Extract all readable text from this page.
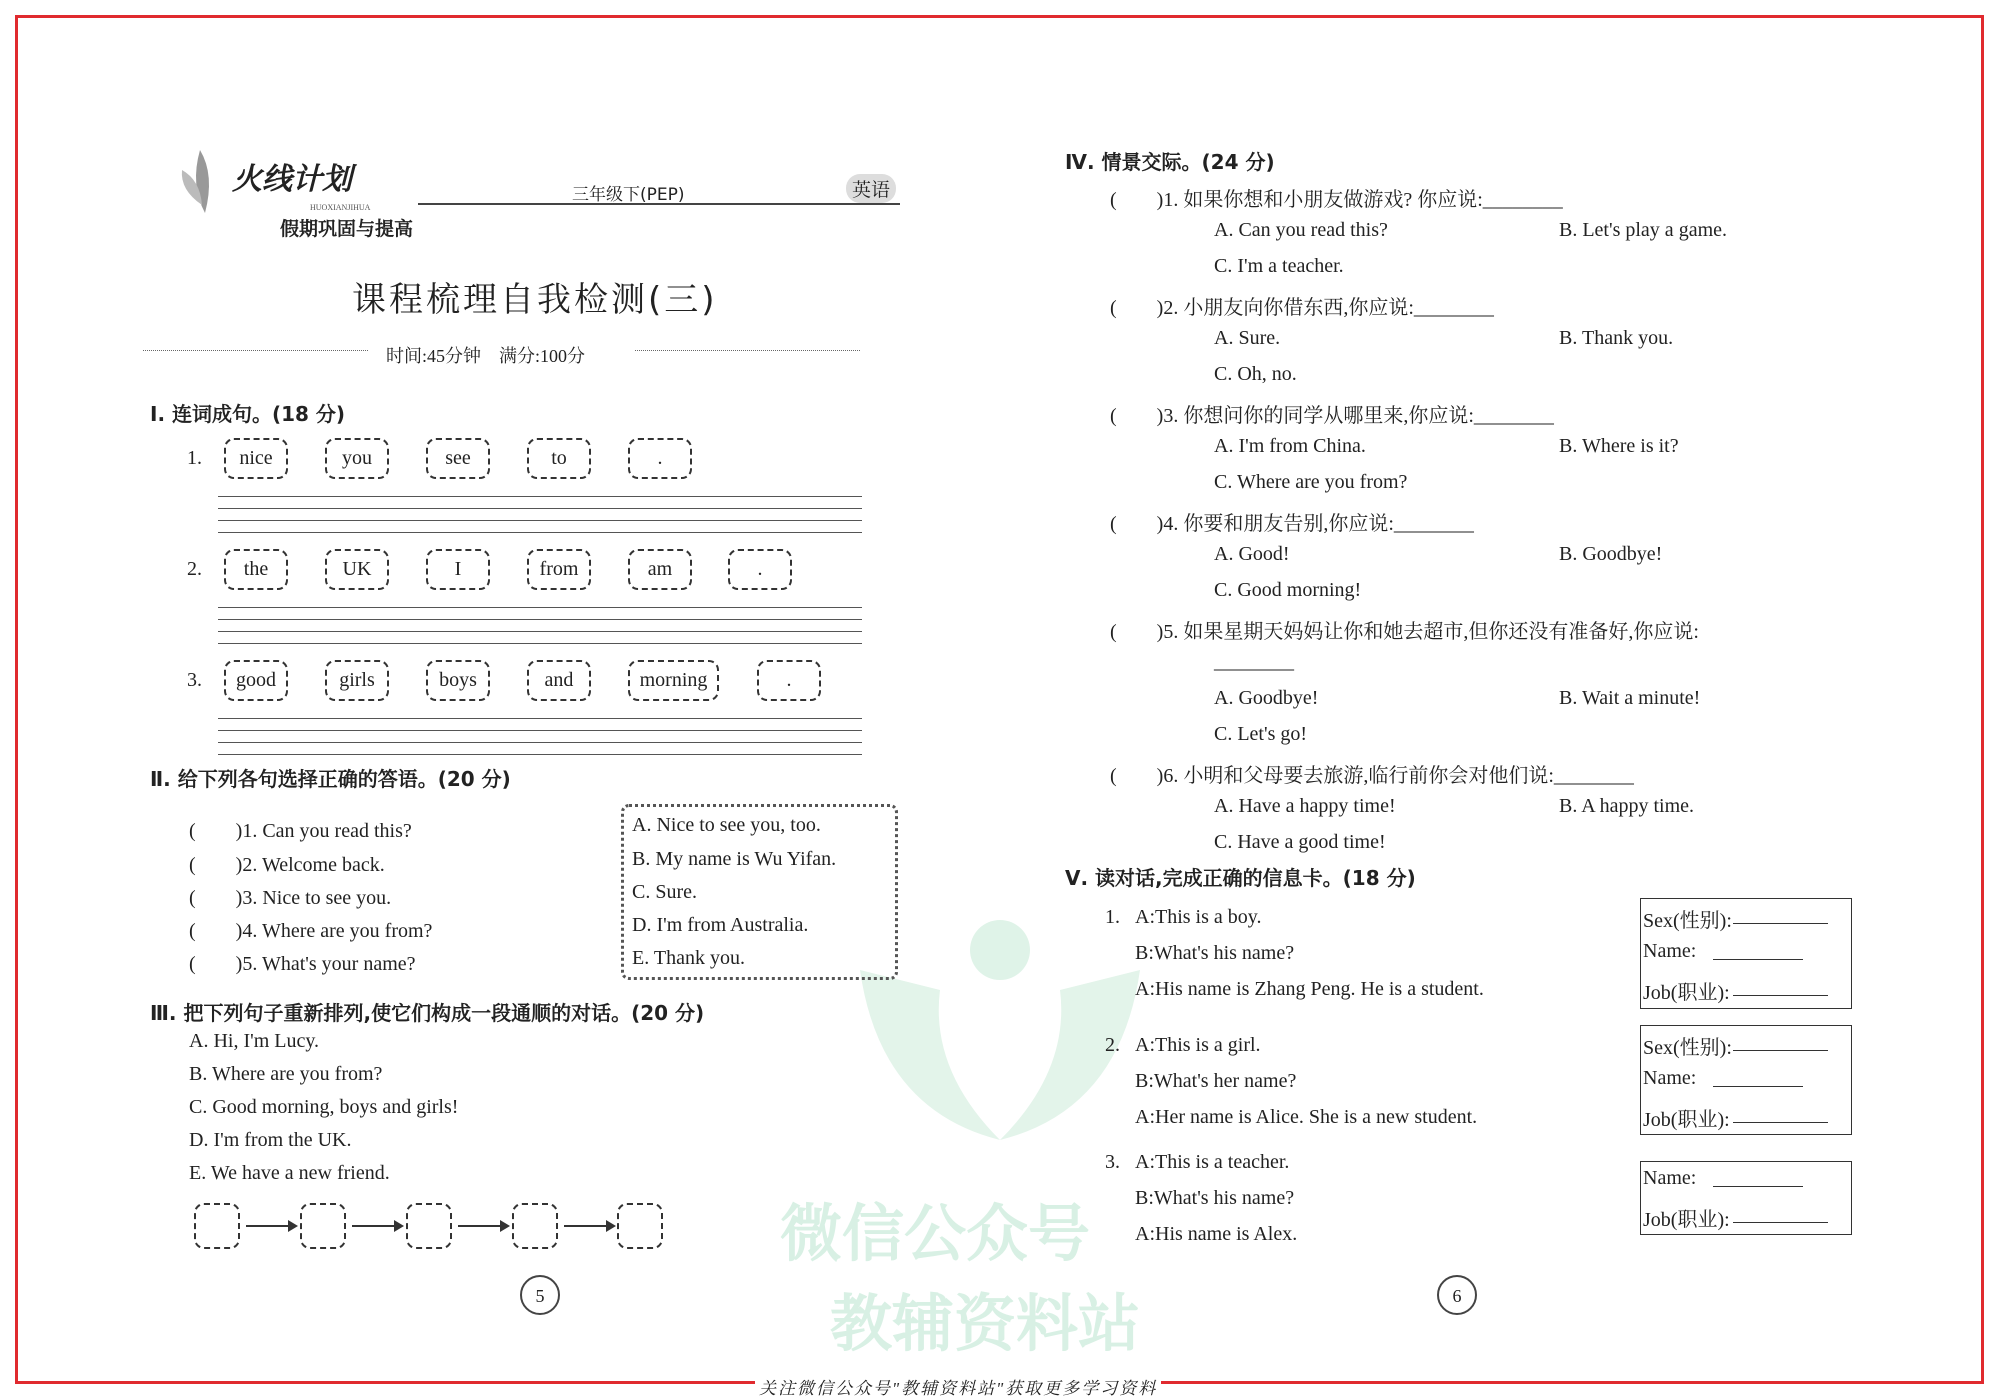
微信公众号
教辅资料站
火线计划
HUOXIANJIHUA
假期巩固与提高
三年级下(PEP)	英语
课程梳理自我检测(三)
时间:45分钟　满分:100分
Ⅰ. 连词成句。(18 分)
1.	nice	you	see	to	.
2.	the	UK	I	from	am	.
3.	good	girls	boys	and	morning	.
Ⅱ. 给下列各句选择正确的答语。(20 分)
(　　)1. Can you read this?
(　　)2. Welcome back.
(　　)3. Nice to see you.
(　　)4. Where are you from?
(　　)5. What's your name?
A. Nice to see you, too.
B. My name is Wu Yifan.
C. Sure.
D. I'm from Australia.
E. Thank you.
Ⅲ. 把下列句子重新排列,使它们构成一段通顺的对话。(20 分)
A. Hi, I'm Lucy.
B. Where are you from?
C. Good morning, boys and girls!
D. I'm from the UK.
E. We have a new friend.
5	6
Ⅳ. 情景交际。(24 分)
(　　)1. 如果你想和小朋友做游戏? 你应说:________
A. Can you read this?	B. Let's play a game.
C. I'm a teacher.
(　　)2. 小朋友向你借东西,你应说:________
A. Sure.	B. Thank you.
C. Oh, no.
(　　)3. 你想问你的同学从哪里来,你应说:________
A. I'm from China.	B. Where is it?
C. Where are you from?
(　　)4. 你要和朋友告别,你应说:________
A. Good!	B. Goodbye!
C. Good morning!
(　　)5. 如果星期天妈妈让你和她去超市,但你还没有准备好,你应说:
________
A. Goodbye!	B. Wait a minute!
C. Let's go!
(　　)6. 小明和父母要去旅游,临行前你会对他们说:________
A. Have a happy time!	B. A happy time.
C. Have a good time!
Ⅴ. 读对话,完成正确的信息卡。(18 分)
1. A:This is a boy.
B:What's his name?
A:His name is Zhang Peng. He is a student.
2. A:This is a girl.
B:What's her name?
A:Her name is Alice. She is a new student.
3. A:This is a teacher.
B:What's his name?
A:His name is Alex.
Sex(性别):
Name:
Job(职业):
Sex(性别):
Name:
Job(职业):
Name:
Job(职业):
关注微信公众号"教辅资料站"获取更多学习资料
